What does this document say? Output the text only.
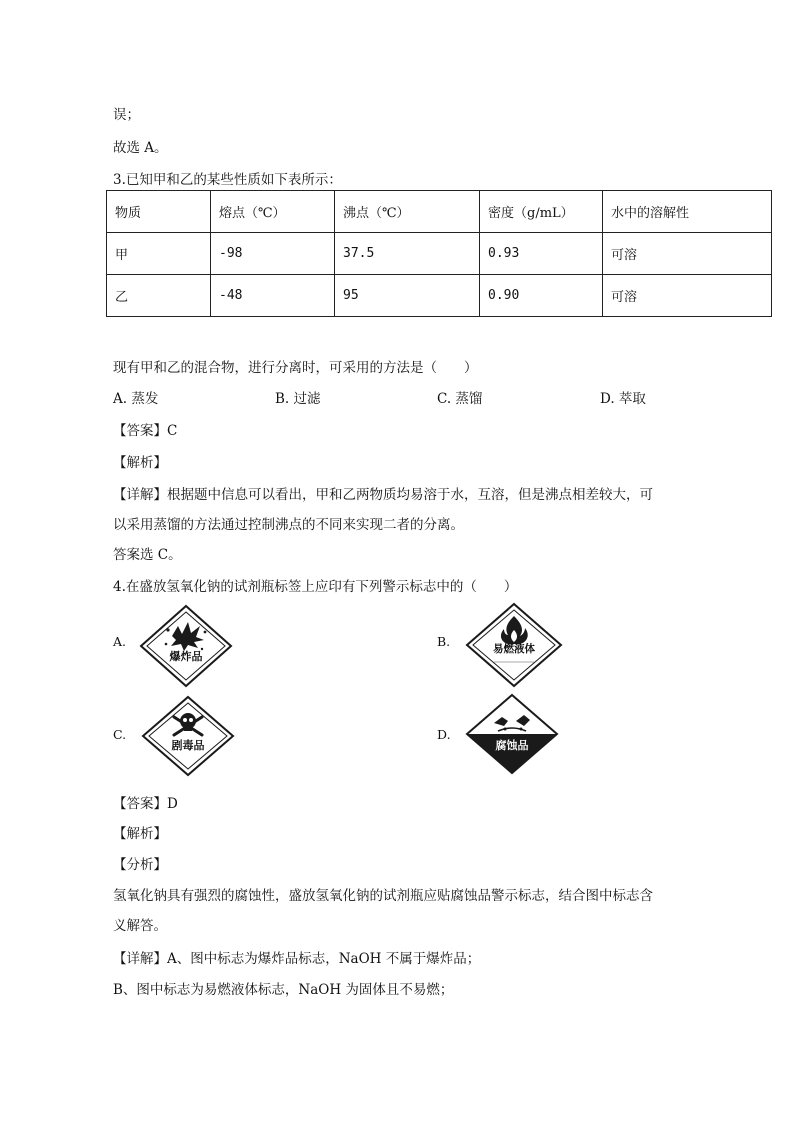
误；
故选 A。
3.已知甲和乙的某些性质如下表所示：
物质	熔点（℃）	沸点（℃）	密度（g/mL）	水中的溶解性
甲	-98	37.5	0.93	可溶
乙	-48	95	0.90	可溶
现有甲和乙的混合物，进行分离时，可采用的方法是（　　）
A. 蒸发	B. 过滤	C. 蒸馏	D. 萃取
【答案】C
【解析】
【详解】根据题中信息可以看出，甲和乙两物质均易溶于水，互溶，但是沸点相差较大，可
以采用蒸馏的方法通过控制沸点的不同来实现二者的分离。
答案选 C。
4.在盛放氢氧化钠的试剂瓶标签上应印有下列警示标志中的（　　）
A.
爆炸品
B.	易燃液体
C.
剧毒品
D.
腐蚀品
【答案】D
【解析】
【分析】
氢氧化钠具有强烈的腐蚀性，盛放氢氧化钠的试剂瓶应贴腐蚀品警示标志，结合图中标志含
义解答。
【详解】A、图中标志为爆炸品标志，NaOH 不属于爆炸品；
B、图中标志为易燃液体标志，NaOH 为固体且不易燃；
